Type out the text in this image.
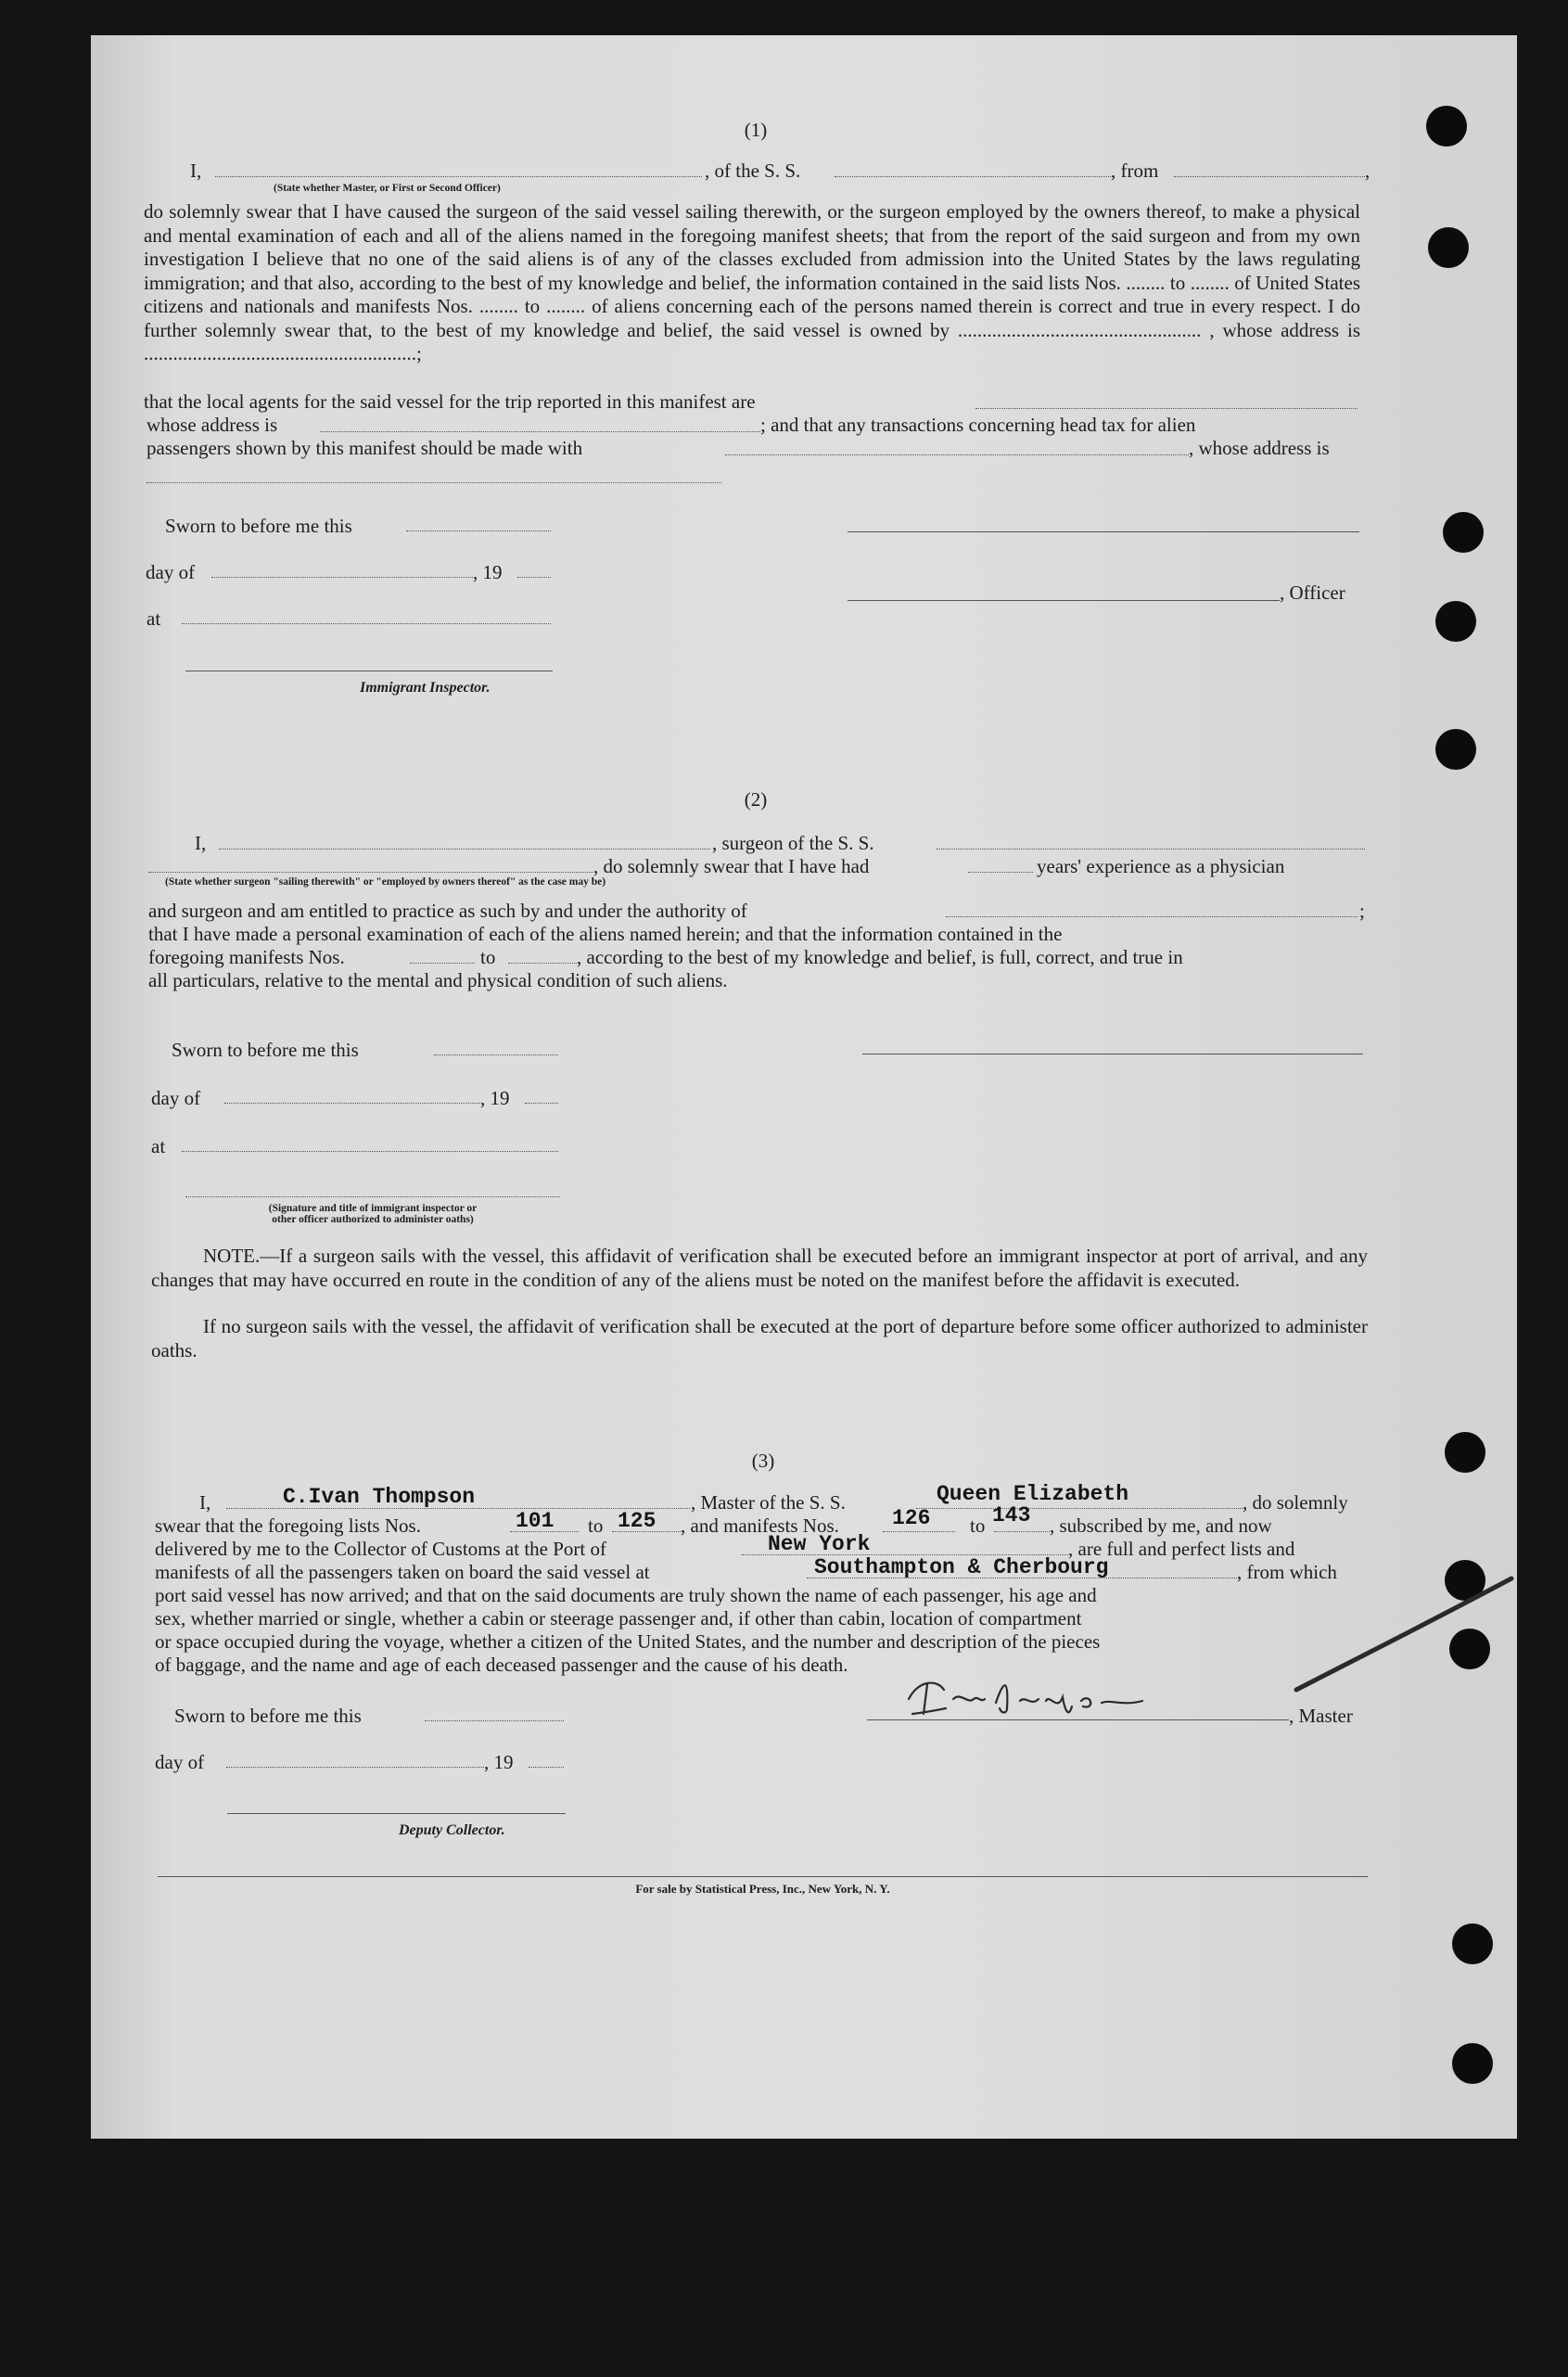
(1)
I,	, of the S. S.	, from	,
(State whether Master, or First or Second Officer)
do solemnly swear that I have caused the surgeon of the said vessel sailing therewith, or the surgeon employed by the owners thereof, to make a physical and mental examination of each and all of the aliens named in the foregoing manifest sheets; that from the report of the said surgeon and from my own investigation I believe that no one of the said aliens is of any of the classes excluded from admission into the United States by the laws regulating immigration; and that also, according to the best of my knowledge and belief, the information contained in the said lists Nos. ........ to ........ of United States citizens and nationals and manifests Nos. ........ to ........ of aliens concerning each of the persons named therein is correct and true in every respect. I do further solemnly swear that, to the best of my knowledge and belief, the said vessel is owned by .................................................. , whose address is ........................................................;
that the local agents for the said vessel for the trip reported in this manifest are
whose address is	; and that any transactions concerning head tax for alien
passengers shown by this manifest should be made with	, whose address is
Sworn to before me this
day of	, 19
, Officer
at
Immigrant Inspector.
(2)
I,	, surgeon of the S. S.
, do solemnly swear that I have had	years' experience as a physician
(State whether surgeon "sailing therewith" or "employed by owners thereof" as the case may be)
and surgeon and am entitled to practice as such by and under the authority of	;
that I have made a personal examination of each of the aliens named herein; and that the information contained in the
foregoing manifests Nos.	to	, according to the best of my knowledge and belief, is full, correct, and true in
all particulars, relative to the mental and physical condition of such aliens.
Sworn to before me this
day of	, 19
at
(Signature and title of immigrant inspector or
other officer authorized to administer oaths)
NOTE.—If a surgeon sails with the vessel, this affidavit of verification shall be executed before an immigrant inspector at port of arrival, and any changes that may have occurred en route in the condition of any of the aliens must be noted on the manifest before the affidavit is executed.
If no surgeon sails with the vessel, the affidavit of verification shall be executed at the port of departure before some officer authorized to administer oaths.
(3)
I,	C.Ivan Thompson	, Master of the S. S.	Queen Elizabeth	, do solemnly
swear that the foregoing lists Nos.	101 to 125 , and manifests Nos. 126 to 143 , subscribed by me, and now
delivered by me to the Collector of Customs at the Port of	New York	, are full and perfect lists and
manifests of all the passengers taken on board the said vessel at	Southampton & Cherbourg	, from which
port said vessel has now arrived; and that on the said documents are truly shown the name of each passenger, his age and
sex, whether married or single, whether a cabin or steerage passenger and, if other than cabin, location of compartment
or space occupied during the voyage, whether a citizen of the United States, and the number and description of the pieces
of baggage, and the name and age of each deceased passenger and the cause of his death.
Sworn to before me this	, Master
day of	, 19
Deputy Collector.
For sale by Statistical Press, Inc., New York, N. Y.
